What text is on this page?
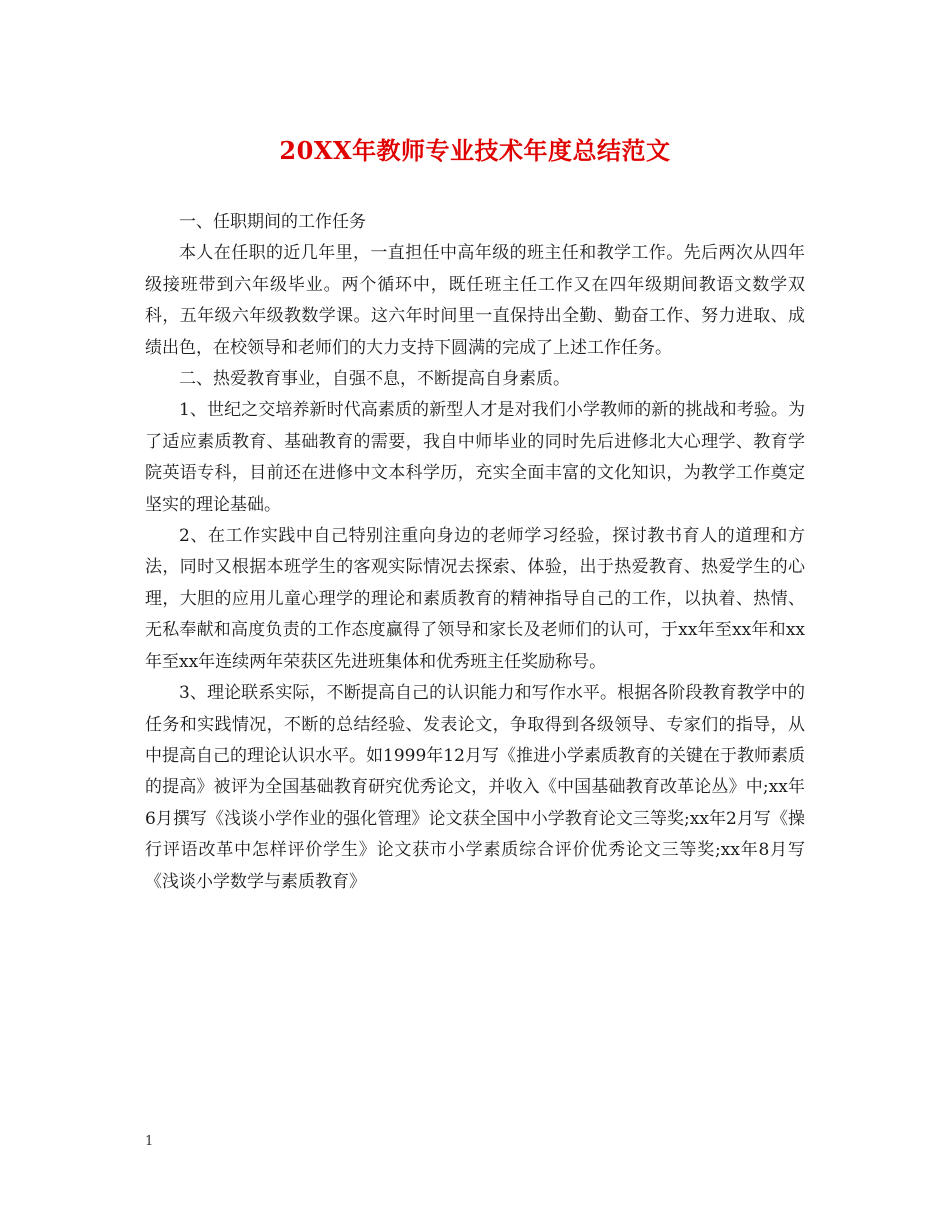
20XX年教师专业技术年度总结范文

一、任职期间的工作任务

本人在任职的近几年里，一直担任中高年级的班主任和教学工作。先后两次从四年级接班带到六年级毕业。两个循环中，既任班主任工作又在四年级期间教语文数学双科，五年级六年级教数学课。这六年时间里一直保持出全勤、勤奋工作、努力进取、成绩出色，在校领导和老师们的大力支持下圆满的完成了上述工作任务。

二、热爱教育事业，自强不息，不断提高自身素质。

1、世纪之交培养新时代高素质的新型人才是对我们小学教师的新的挑战和考验。为了适应素质教育、基础教育的需要，我自中师毕业的同时先后进修北大心理学、教育学院英语专科，目前还在进修中文本科学历，充实全面丰富的文化知识，为教学工作奠定坚实的理论基础。

2、在工作实践中自己特别注重向身边的老师学习经验，探讨教书育人的道理和方法，同时又根据本班学生的客观实际情况去探索、体验，出于热爱教育、热爱学生的心理，大胆的应用儿童心理学的理论和素质教育的精神指导自己的工作，以执着、热情、无私奉献和高度负责的工作态度赢得了领导和家长及老师们的认可，于xx年至xx年和xx年至xx年连续两年荣获区先进班集体和优秀班主任奖励称号。

3、理论联系实际，不断提高自己的认识能力和写作水平。根据各阶段教育教学中的任务和实践情况，不断的总结经验、发表论文，争取得到各级领导、专家们的指导，从中提高自己的理论认识水平。如1999年12月写《推进小学素质教育的关键在于教师素质的提高》被评为全国基础教育研究优秀论文，并收入《中国基础教育改革论丛》中;xx年6月撰写《浅谈小学作业的强化管理》论文获全国中小学教育论文三等奖;xx年2月写《操行评语改革中怎样评价学生》论文获市小学素质综合评价优秀论文三等奖;xx年8月写《浅谈小学数学与素质教育》

1
